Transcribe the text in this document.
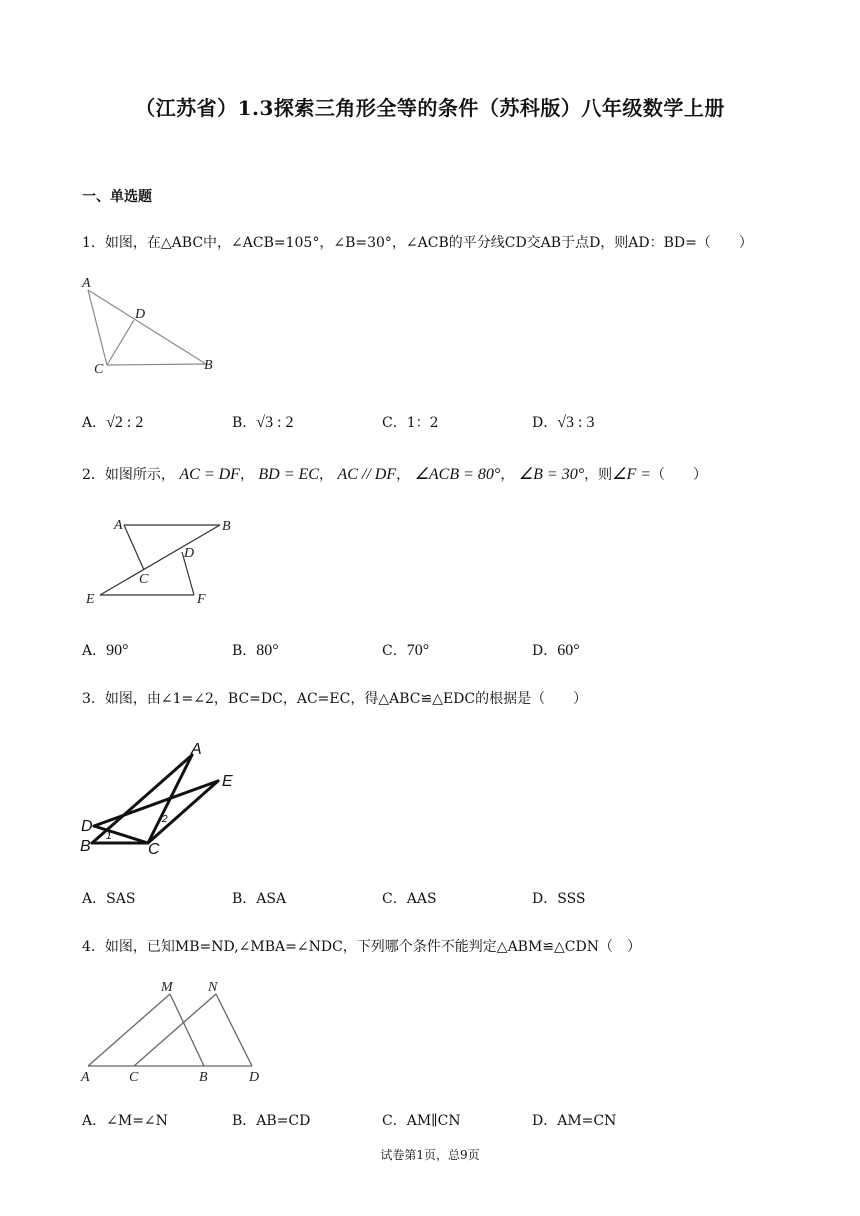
（江苏省）1.3探索三角形全等的条件（苏科版）八年级数学上册
一、单选题
1．如图，在△ABC中，∠ACB=105°，∠B=30°，∠ACB的平分线CD交AB于点D，则AD：BD=（　　）
A
D
C	B
A．√2 : 2	B．√3 : 2	C．1：2	D．√3 : 3
2．如图所示， AC = DF， BD = EC， AC // DF， ∠ACB = 80°， ∠B = 30°，则∠F =（　　）
A	B
D
C
E	F
A．90°	B．80°	C．70°	D．60°
3．如图，由∠1=∠2，BC=DC，AC=EC，得△ABC≌△EDC的根据是（　　）
A
E
D
B	C
1
2
A．SAS	B．ASA	C．AAS	D．SSS
4．如图，已知MB=ND,∠MBA=∠NDC，下列哪个条件不能判定△ABM≌△CDN（　）
M	N
A	C	B	D
A．∠M=∠N	B．AB=CD	C．AM∥CN	D．AM=CN
试卷第1页，总9页
